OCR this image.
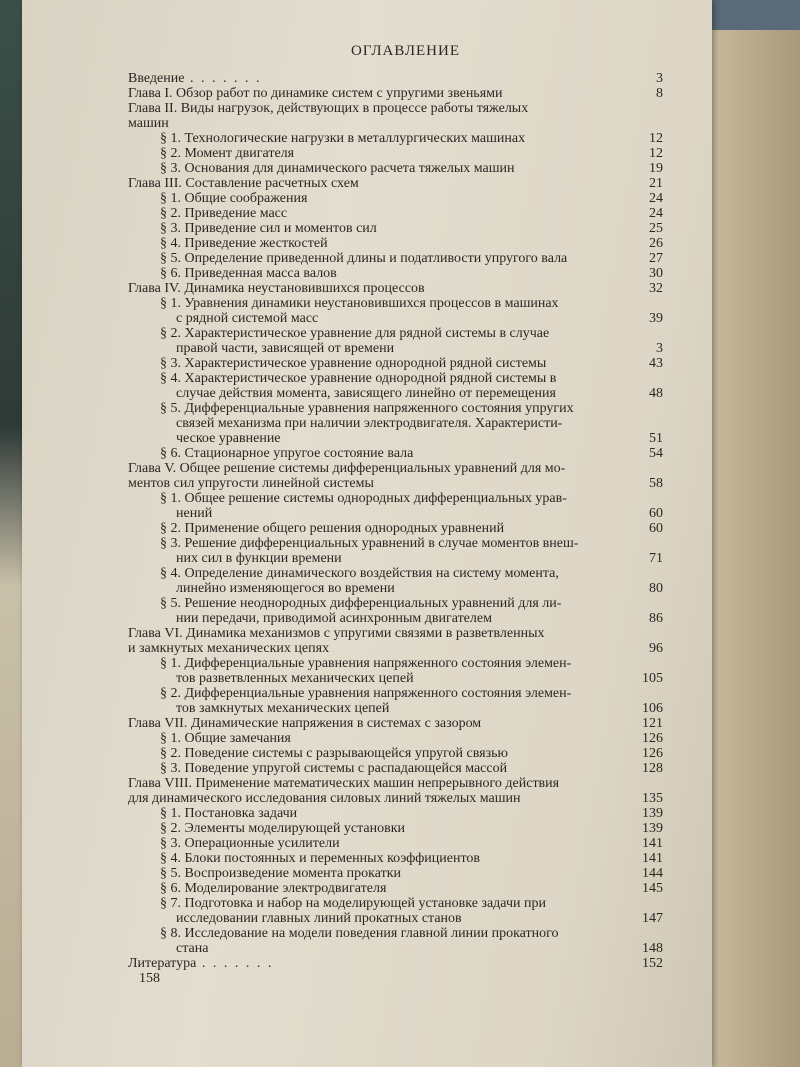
ОГЛАВЛЕНИЕ
Введение . .	3
Глава I. Обзор работ по динамике систем с упругими звеньями	8
Глава II. Виды нагрузок, действующих в процессе работы тяжелых
машин
§ 1. Технологические нагрузки в металлургических машинах	12
§ 2. Момент двигателя	12
§ 3. Основания для динамического расчета тяжелых машин	19
Глава III. Составление расчетных схем	21
§ 1. Общие соображения	24
§ 2. Приведение масс	24
§ 3. Приведение сил и моментов сил	25
§ 4. Приведение жесткостей	26
§ 5. Определение приведенной длины и податливости упругого вала	27
§ 6. Приведенная масса валов	30
Глава IV. Динамика неустановившихся процессов	32
§ 1. Уравнения динамики неустановившихся процессов в машинах
с рядной системой масс	39
§ 2. Характеристическое уравнение для рядной системы в случае
правой части, зависящей от времени	3
§ 3. Характеристическое уравнение однородной рядной системы	43
§ 4. Характеристическое уравнение однородной рядной системы в
случае действия момента, зависящего линейно от перемещения	48
§ 5. Дифференциальные уравнения напряженного состояния упругих
связей механизма при наличии электродвигателя. Характеристи-
ческое уравнение	51
§ 6. Стационарное упругое состояние вала	54
Глава V. Общее решение системы дифференциальных уравнений для мо-
ментов сил упругости линейной системы	58
§ 1. Общее решение системы однородных дифференциальных урав-
нений	60
§ 2. Применение общего решения однородных уравнений	60
§ 3. Решение дифференциальных уравнений в случае моментов внеш-
них сил в функции времени	71
§ 4. Определение динамического воздействия на систему момента,
линейно изменяющегося во времени	80
§ 5. Решение неоднородных дифференциальных уравнений для ли-
нии передачи, приводимой асинхронным двигателем	86
Глава VI. Динамика механизмов с упругими связями в разветвленных
и замкнутых механических цепях	96
§ 1. Дифференциальные уравнения напряженного состояния элемен-
тов разветвленных механических цепей	105
§ 2. Дифференциальные уравнения напряженного состояния элемен-
тов замкнутых механических цепей	106
Глава VII. Динамические напряжения в системах с зазором	121
§ 1. Общие замечания	126
§ 2. Поведение системы с разрывающейся упругой связью	126
§ 3. Поведение упругой системы с распадающейся массой	128
Глава VIII. Применение математических машин непрерывного действия
для динамического исследования силовых линий тяжелых машин	135
§ 1. Постановка задачи	139
§ 2. Элементы моделирующей установки	139
§ 3. Операционные усилители	141
§ 4. Блоки постоянных и переменных коэффициентов	141
§ 5. Воспроизведение момента прокатки	144
§ 6. Моделирование электродвигателя	145
§ 7. Подготовка и набор на моделирующей установке задачи при
исследовании главных линий прокатных станов	147
§ 8. Исследование на модели поведения главной линии прокатного
стана	148
Литература . .	152
158
